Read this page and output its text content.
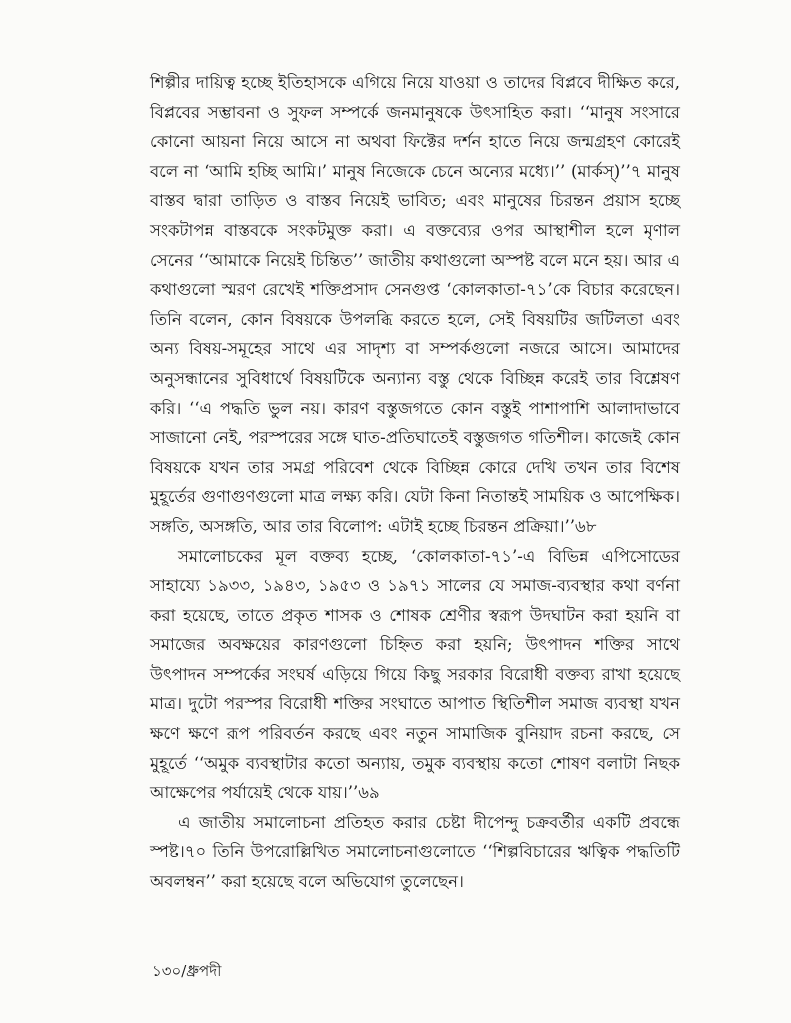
শিল্পীর দায়িত্ব হচ্ছে ইতিহাসকে এগিয়ে নিয়ে যাওয়া ও তাদের বিপ্লবে দীক্ষিত করে, বিপ্লবের সম্ভাবনা ও সুফল সম্পর্কে জনমানুষকে উৎসাহিত করা। ‘‘মানুষ সংসারে কোনো আয়না নিয়ে আসে না অথবা ফিক্টের দর্শন হাতে নিয়ে জন্মগ্রহণ কোরেই বলে না ‘আমি হচ্ছি আমি।’ মানুষ নিজেকে চেনে অন্যের মধ্যে।’’ (মার্কস্)’’৭ মানুষ বাস্তব দ্বারা তাড়িত ও বাস্তব নিয়েই ভাবিত; এবং মানুষের চিরন্তন প্রয়াস হচ্ছে সংকটাপন্ন বাস্তবকে সংকটমুক্ত করা। এ বক্তব্যের ওপর আস্থাশীল হলে মৃণাল সেনের ‘‘আমাকে নিয়েই চিন্তিত’’ জাতীয় কথাগুলো অস্পষ্ট বলে মনে হয়। আর এ কথাগুলো স্মরণ রেখেই শক্তিপ্রসাদ সেনগুপ্ত ‘কোলকাতা-৭১’কে বিচার করেছেন। তিনি বলেন, কোন বিষয়কে উপলব্ধি করতে হলে, সেই বিষয়টির জটিলতা এবং অন্য বিষয়-সমূহের সাথে এর সাদৃশ্য বা সম্পর্কগুলো নজরে আসে। আমাদের অনুসন্ধানের সুবিধার্থে বিষয়টিকে অন্যান্য বস্তু থেকে বিচ্ছিন্ন করেই তার বিশ্লেষণ করি। ‘‘এ পদ্ধতি ভুল নয়। কারণ বস্তুজগতে কোন বস্তুই পাশাপাশি আলাদাভাবে সাজানো নেই, পরস্পরের সঙ্গে ঘাত-প্রতিঘাতেই বস্তুজগত গতিশীল। কাজেই কোন বিষয়কে যখন তার সমগ্র পরিবেশ থেকে বিচ্ছিন্ন কোরে দেখি তখন তার বিশেষ মুহূর্তের গুণাগুণগুলো মাত্র লক্ষ্য করি। যেটা কিনা নিতান্তই সাময়িক ও আপেক্ষিক। সঙ্গতি, অসঙ্গতি, আর তার বিলোপ: এটাই হচ্ছে চিরন্তন প্রক্রিয়া।’’৬৮

সমালোচকের মূল বক্তব্য হচ্ছে, ‘কোলকাতা-৭১’-এ বিভিন্ন এপিসোডের সাহায্যে ১৯৩৩, ১৯৪৩, ১৯৫৩ ও ১৯৭১ সালের যে সমাজ-ব্যবস্থার কথা বর্ণনা করা হয়েছে, তাতে প্রকৃত শাসক ও শোষক শ্রেণীর স্বরূপ উদঘাটন করা হয়নি বা সমাজের অবক্ষয়ের কারণগুলো চিহ্নিত করা হয়নি; উৎপাদন শক্তির সাথে উৎপাদন সম্পর্কের সংঘর্ষ এড়িয়ে গিয়ে কিছু সরকার বিরোধী বক্তব্য রাখা হয়েছে মাত্র। দুটো পরস্পর বিরোধী শক্তির সংঘাতে আপাত স্থিতিশীল সমাজ ব্যবস্থা যখন ক্ষণে ক্ষণে রূপ পরিবর্তন করছে এবং নতুন সামাজিক বুনিয়াদ রচনা করছে, সে মুহূর্তে ‘‘অমুক ব্যবস্থাটার কতো অন্যায়, তমুক ব্যবস্থায় কতো শোষণ বলাটা নিছক আক্ষেপের পর্যায়েই থেকে যায়।’’৬৯

এ জাতীয় সমালোচনা প্রতিহত করার চেষ্টা দীপেন্দু চক্রবর্তীর একটি প্রবন্ধে স্পষ্ট।৭০ তিনি উপরোল্লিখিত সমালোচনাগুলোতে ‘‘শিল্পবিচারের ঋত্বিক পদ্ধতিটি অবলম্বন’’ করা হয়েছে বলে অভিযোগ তুলেছেন।

১৩০/ধ্রুপদী
